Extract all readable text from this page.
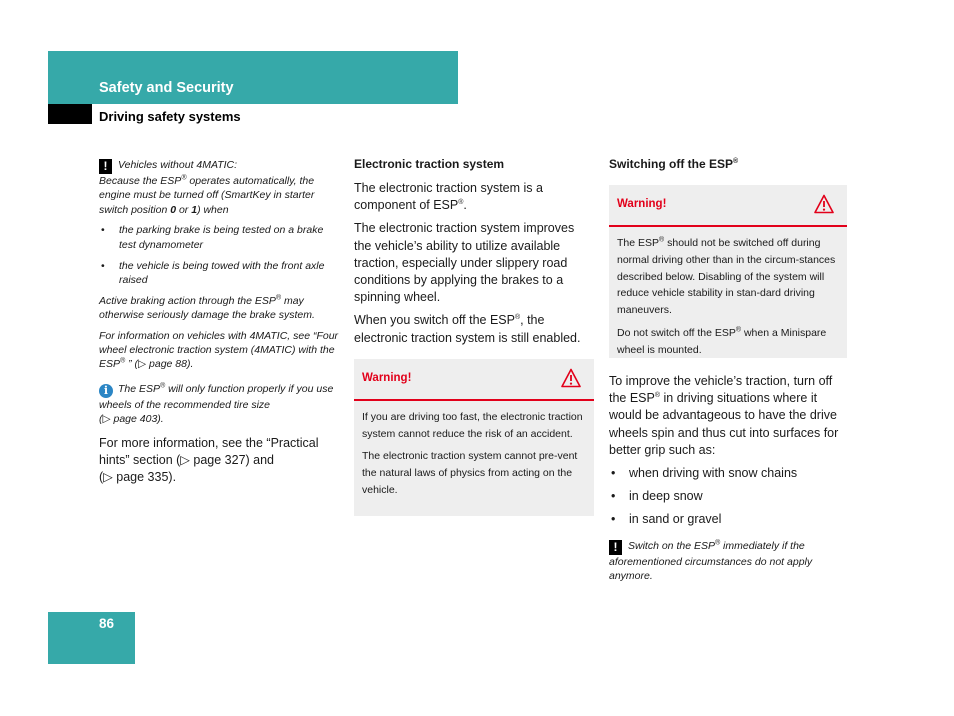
Safety and Security
Driving safety systems

! Vehicles without 4MATIC:

Because the ESP® operates automatically, the engine must be turned off (SmartKey in starter switch position 0 or 1) when

• the parking brake is being tested on a brake test dynamometer
• the vehicle is being towed with the front axle raised

Active braking action through the ESP® may otherwise seriously damage the brake system.

For information on vehicles with 4MATIC, see “Four wheel electronic traction system (4MATIC) with the ESP® ” (▷ page 88).

i The ESP® will only function properly if you use wheels of the recommended tire size

(▷ page 403).

For more information, see the “Practical hints” section (▷ page 327) and
(▷ page 335).

Electronic traction system

The electronic traction system is a component of ESP®.

The electronic traction system improves the vehicle’s ability to utilize available traction, especially under slippery road conditions by applying the brakes to a spinning wheel.

When you switch off the ESP®, the electronic traction system is still enabled.

Warning!

If you are driving too fast, the electronic traction system cannot reduce the risk of an accident.

The electronic traction system cannot pre-vent the natural laws of physics from acting on the vehicle.

Switching off the ESP®

Warning!

The ESP® should not be switched off during normal driving other than in the circum-stances described below. Disabling of the system will reduce vehicle stability in stan-dard driving maneuvers.

Do not switch off the ESP® when a Minispare wheel is mounted.

To improve the vehicle’s traction, turn off the ESP® in driving situations where it would be advantageous to have the drive wheels spin and thus cut into surfaces for better grip such as:

• when driving with snow chains
• in deep snow
• in sand or gravel

! Switch on the ESP® immediately if the aforementioned circumstances do not apply anymore.

86
